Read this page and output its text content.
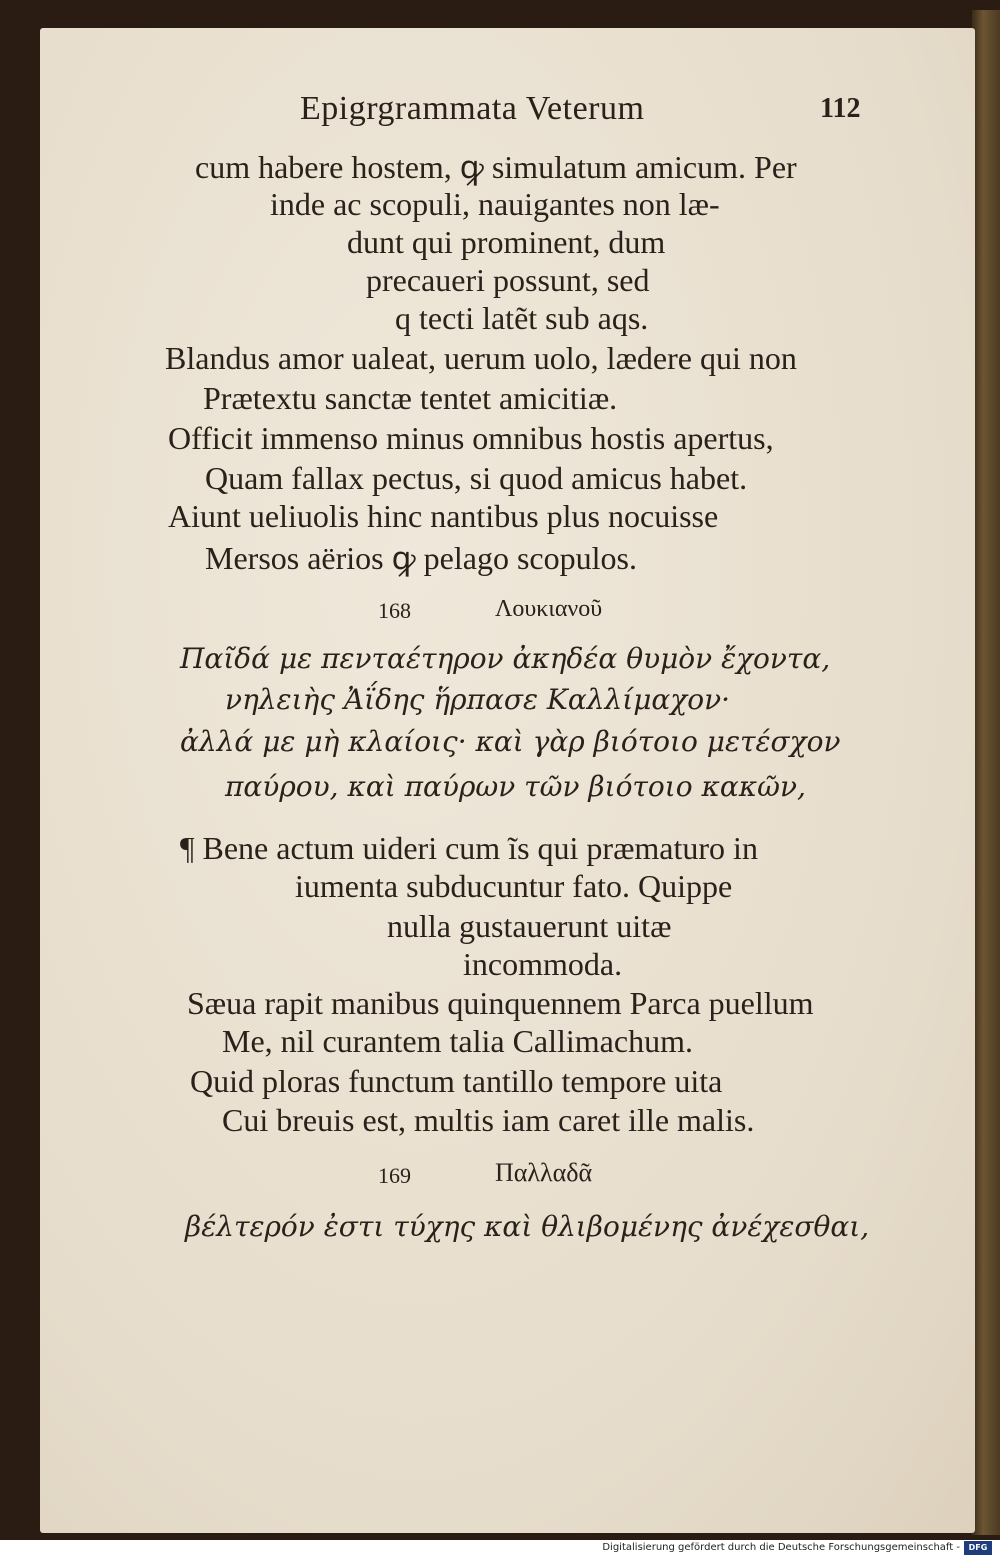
Epigrgrammata Veterum	112
cum habere hostem, ꝙ simulatum amicum. Per
inde ac scopuli, nauigantes non læ-
dunt qui prominent, dum
precaueri possunt, sed
q tecti latẽt sub aqs.
Blandus amor ualeat, uerum uolo, lædere qui non
Prætextu sanctæ tentet amicitiæ.
Officit immenso minus omnibus hostis apertus,
Quam fallax pectus, si quod amicus habet.
Aiunt ueliuolis hinc nantibus plus nocuisse
Mersos aërios ꝙ pelago scopulos.
168	Λουκιανοῦ
Παῖδά με πενταέτηρον ἀκηδέα θυμὸν ἔχοντα,
νηλειὴς Ἀΐδης ἥρπασε Καλλίμαχον·
ἀλλά με μὴ κλαίοις· καὶ γὰρ βιότοιο μετέσχον
παύρου, καὶ παύρων τῶν βιότοιο κακῶν,
¶ Bene actum uideri cum ĩs qui præmaturo in
iumenta subducuntur fato. Quippe
nulla gustauerunt uitæ
incommoda.
Sæua rapit manibus quinquennem Parca puellum
Me, nil curantem talia Callimachum.
Quid ploras functum tantillo tempore uita
Cui breuis est, multis iam caret ille malis.
169	Παλλαδᾶ
βέλτερόν ἐστι τύχης καὶ θλιβομένης ἀνέχεσθαι,
Digitalisierung gefördert durch die Deutsche Forschungsgemeinschaft -	DFG
